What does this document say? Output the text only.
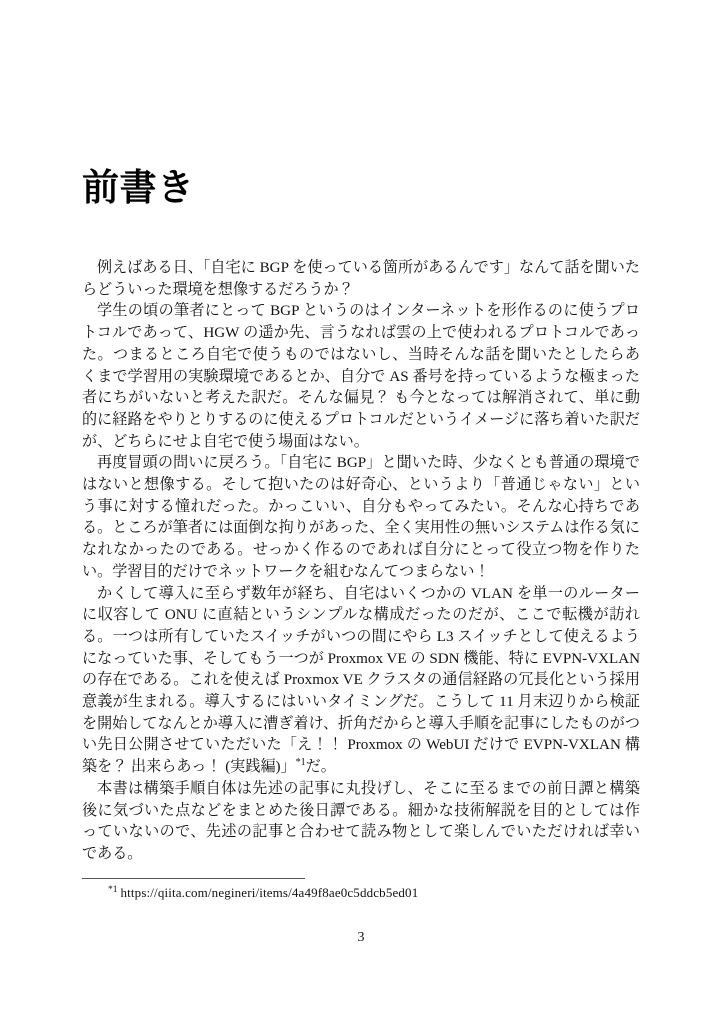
前書き

例えばある日、「自宅に BGP を使っている箇所があるんです」なんて話を聞いたらどういった環境を想像するだろうか？

学生の頃の筆者にとって BGP というのはインターネットを形作るのに使うプロトコルであって、HGW の遥か先、言うなれば雲の上で使われるプロトコルであった。つまるところ自宅で使うものではないし、当時そんな話を聞いたとしたらあくまで学習用の実験環境であるとか、自分で AS 番号を持っているような極まった者にちがいないと考えた訳だ。そんな偏見？ も今となっては解消されて、単に動的に経路をやりとりするのに使えるプロトコルだというイメージに落ち着いた訳だが、どちらにせよ自宅で使う場面はない。

再度冒頭の問いに戻ろう。「自宅に BGP」と聞いた時、少なくとも普通の環境ではないと想像する。そして抱いたのは好奇心、というより「普通じゃない」という事に対する憧れだった。かっこいい、自分もやってみたい。そんな心持ちである。ところが筆者には面倒な拘りがあった、全く実用性の無いシステムは作る気になれなかったのである。せっかく作るのであれば自分にとって役立つ物を作りたい。学習目的だけでネットワークを組むなんてつまらない！

かくして導入に至らず数年が経ち、自宅はいくつかの VLAN を単一のルーターに収容して ONU に直結というシンプルな構成だったのだが、ここで転機が訪れる。一つは所有していたスイッチがいつの間にやら L3 スイッチとして使えるようになっていた事、そしてもう一つが Proxmox VE の SDN 機能、特に EVPN-VXLAN の存在である。これを使えば Proxmox VE クラスタの通信経路の冗長化という採用意義が生まれる。導入するにはいいタイミングだ。こうして 11 月末辺りから検証を開始してなんとか導入に漕ぎ着け、折角だからと導入手順を記事にしたものがつい先日公開させていただいた「え！！ Proxmox の WebUI だけで EVPN-VXLAN 構築を？ 出来らあっ！ (実践編)」$^{*1}$だ。

本書は構築手順自体は先述の記事に丸投げし、そこに至るまでの前日譚と構築後に気づいた点などをまとめた後日譚である。細かな技術解説を目的としては作っていないので、先述の記事と合わせて読み物として楽しんでいただければ幸いである。

$^{*1}$ https://qiita.com/negineri/items/4a49f8ae0c5ddcb5ed01

3
